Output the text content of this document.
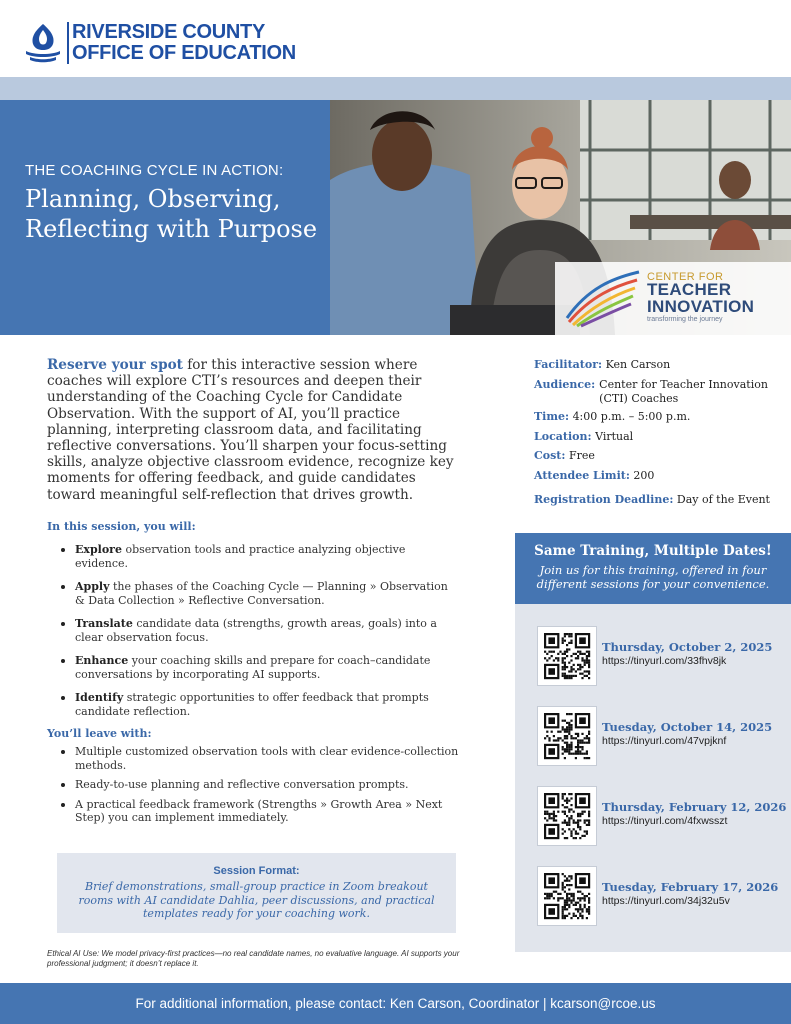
RIVERSIDE COUNTY
OFFICE OF EDUCATION
THE COACHING CYCLE IN ACTION:
Planning, Observing, Reflecting with Purpose
CENTER FOR
TEACHER
INNOVATION
transforming the journey
Reserve your spot for this interactive session where coaches will explore CTI’s resources and deepen their understanding of the Coaching Cycle for Candidate Observation. With the support of AI, you’ll practice planning, interpreting classroom data, and facilitating reflective conversations. You’ll sharpen your focus-setting skills, analyze objective classroom evidence, recognize key moments for offering feedback, and guide candidates toward meaningful self-reflection that drives growth.
In this session, you will:
Explore observation tools and practice analyzing objective evidence.
Apply the phases of the Coaching Cycle — Planning » Observation & Data Collection » Reflective Conversation.
Translate candidate data (strengths, growth areas, goals) into a clear observation focus.
Enhance your coaching skills and prepare for coach–candidate conversations by incorporating AI supports.
Identify strategic opportunities to offer feedback that prompts candidate reflection.
You’ll leave with:
Multiple customized observation tools with clear evidence-collection methods.
Ready-to-use planning and reflective conversation prompts.
A practical feedback framework (Strengths » Growth Area » Next Step) you can implement immediately.
Session Format:
Brief demonstrations, small-group practice in Zoom breakout rooms with AI candidate Dahlia, peer discussions, and practical templates ready for your coaching work.
Ethical AI Use: We model privacy-first practices—no real candidate names, no evaluative language. AI supports your professional judgment; it doesn’t replace it.
Facilitator: Ken Carson
Audience: Center for Teacher Innovation (CTI) Coaches
Time: 4:00 p.m. – 5:00 p.m.
Location: Virtual
Cost: Free
Attendee Limit: 200
Registration Deadline: Day of the Event
Same Training, Multiple Dates!
Join us for this training, offered in four different sessions for your convenience.
Thursday, October 2, 2025
https://tinyurl.com/33fhv8jk
Tuesday, October 14, 2025
https://tinyurl.com/47vpjknf
Thursday, February 12, 2026
https://tinyurl.com/4fxwsszt
Tuesday, February 17, 2026
https://tinyurl.com/34j32u5v
For additional information, please contact: Ken Carson, Coordinator | kcarson@rcoe.us
